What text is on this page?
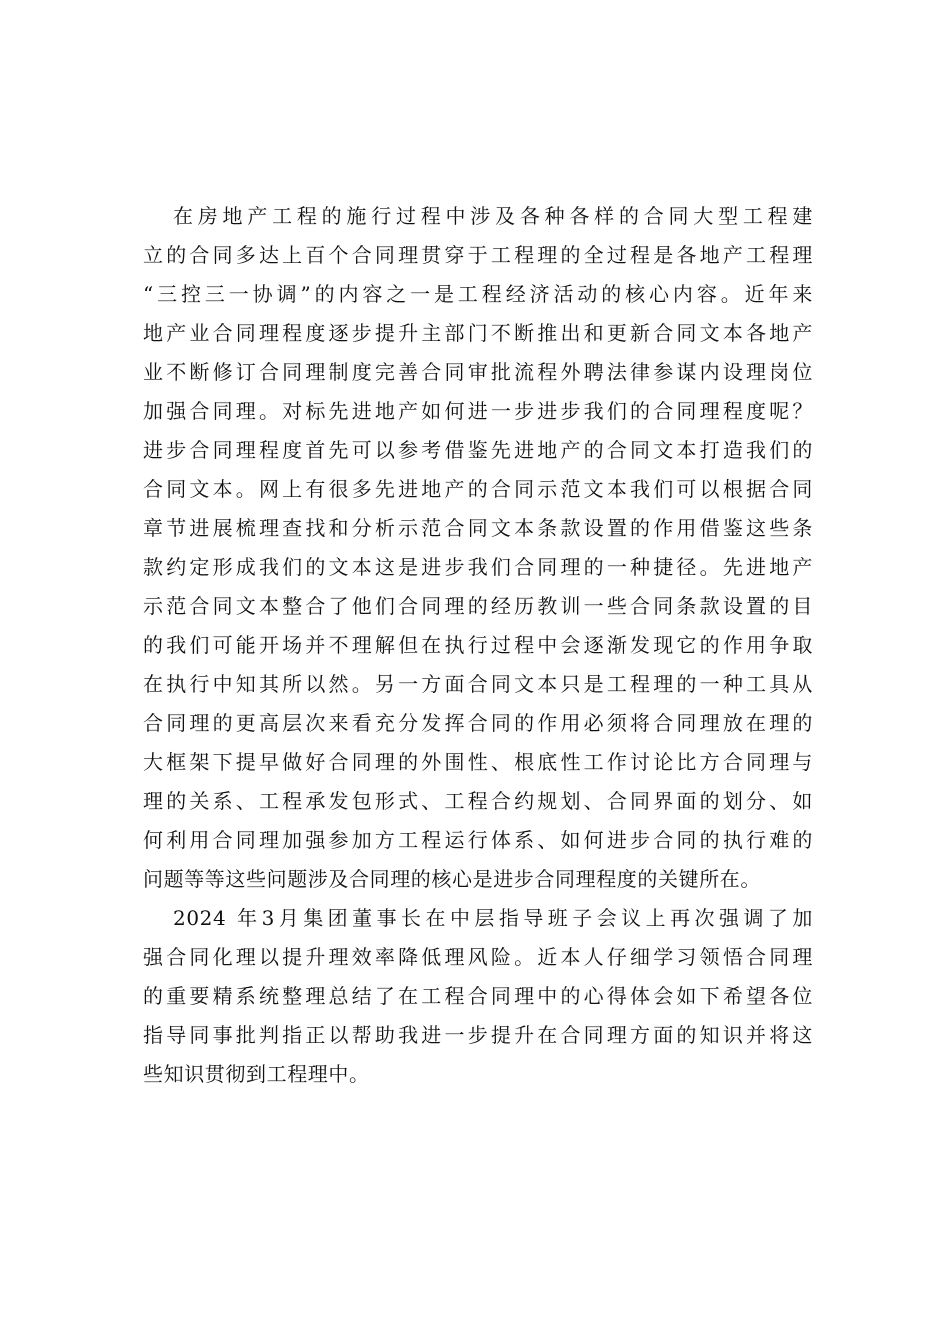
在房地产工程的施行过程中涉及各种各样的合同大型工程建
立的合同多达上百个合同理贯穿于工程理的全过程是各地产工程理
“三控三一协调”的内容之一是工程经济活动的核心内容。近年来
地产业合同理程度逐步提升主部门不断推出和更新合同文本各地产
业不断修订合同理制度完善合同审批流程外聘法律参谋内设理岗位
加强合同理。对标先进地产如何进一步进步我们的合同理程度呢？
进步合同理程度首先可以参考借鉴先进地产的合同文本打造我们的
合同文本。网上有很多先进地产的合同示范文本我们可以根据合同
章节进展梳理查找和分析示范合同文本条款设置的作用借鉴这些条
款约定形成我们的文本这是进步我们合同理的一种捷径。先进地产
示范合同文本整合了他们合同理的经历教训一些合同条款设置的目
的我们可能开场并不理解但在执行过程中会逐渐发现它的作用争取
在执行中知其所以然。另一方面合同文本只是工程理的一种工具从
合同理的更高层次来看充分发挥合同的作用必须将合同理放在理的
大框架下提早做好合同理的外围性、根底性工作讨论比方合同理与
理的关系、工程承发包形式、工程合约规划、合同界面的划分、如
何利用合同理加强参加方工程运行体系、如何进步合同的执行难的
问题等等这些问题涉及合同理的核心是进步合同理程度的关键所在。

2024 年3月集团董事长在中层指导班子会议上再次强调了加
强合同化理以提升理效率降低理风险。近本人仔细学习领悟合同理
的重要精系统整理总结了在工程合同理中的心得体会如下希望各位
指导同事批判指正以帮助我进一步提升在合同理方面的知识并将这
些知识贯彻到工程理中。
